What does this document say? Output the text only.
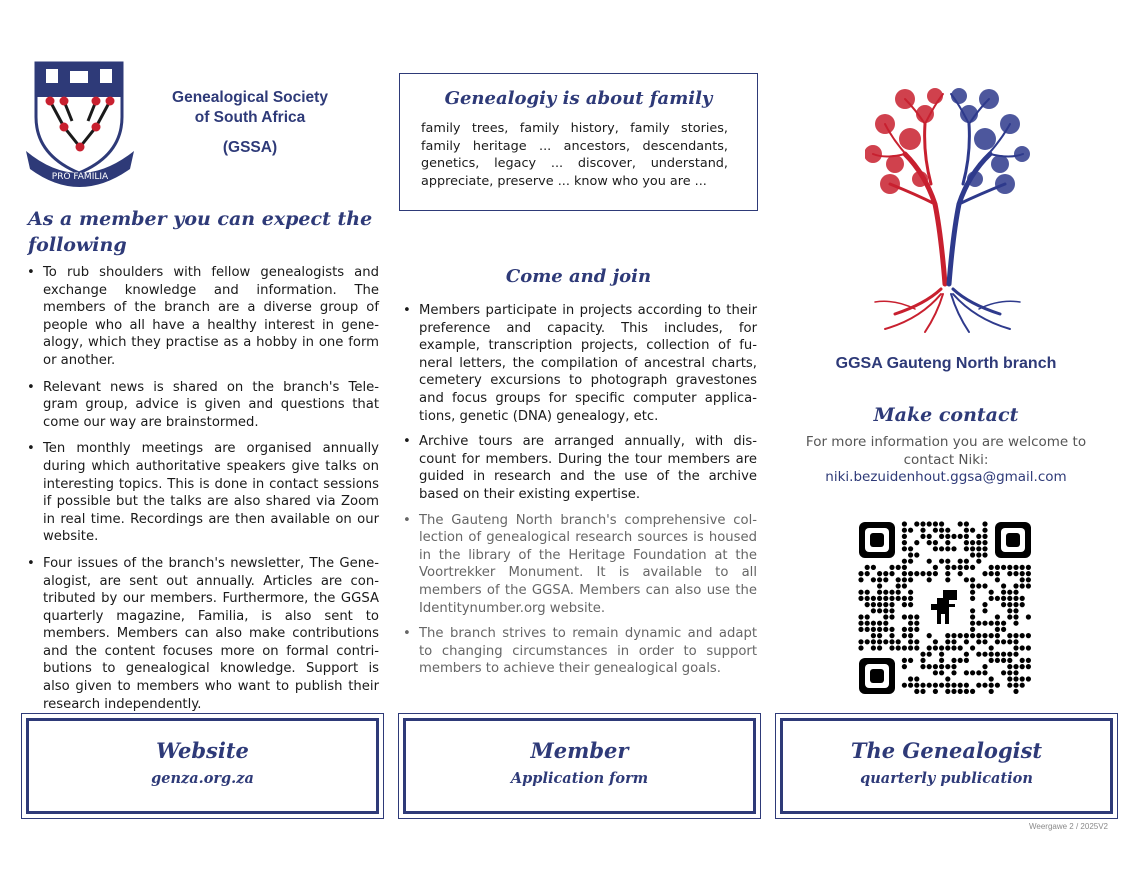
PRO FAMILIA
Genealogical Society
of South Africa
(GSSA)
As a member you can expect the following
• To rub shoulders with fellow genealogists and exchange knowledge and information. The members of the branch are a diverse group of people who all have a healthy interest in gene-alogy, which they practise as a hobby in one form or another.
• Relevant news is shared on the branch's Tele-gram group, advice is given and questions that come our way are brainstormed.
• Ten monthly meetings are organised annually during which authoritative speakers give talks on interesting topics. This is done in contact sessions if possible but the talks are also shared via Zoom in real time. Recordings are then available on our website.
• Four issues of the branch's newsletter, The Gene-alogist, are sent out annually. Articles are con-tributed by our members. Furthermore, the GGSA quarterly magazine, Familia, is also sent to members. Members can also make contributions and the content focuses more on formal contri-butions to genealogical knowledge. Support is also given to members who want to publish their research independently.
Genealogiy is about family
family trees, family history, family stories, family heritage ... ancestors, descendants, genetics, legacy ... discover, understand, appreciate, preserve ... know who you are ...
Come and join
• Members participate in projects according to their preference and capacity. This includes, for example, transcription projects, collection of fu-neral letters, the compilation of ancestral charts, cemetery excursions to photograph gravestones and focus groups for specific computer applica-tions, genetic (DNA) genealogy, etc.
• Archive tours are arranged annually, with dis-count for members. During the tour members are guided in research and the use of the archive based on their existing expertise.
• The Gauteng North branch's comprehensive col-lection of genealogical research sources is housed in the library of the Heritage Foundation at the Voortrekker Monument. It is available to all members of the GGSA. Members can also use the Identitynumber.org website.
• The branch strives to remain dynamic and adapt to changing circumstances in order to support members to achieve their genealogical goals.
GGSA Gauteng North branch
Make contact
For more information you are welcome to contact Niki:
niki.bezuidenhout.ggsa@gmail.com
Website
genza.org.za
Member
Application form
The Genealogist
quarterly publication
Weergawe 2 / 2025V2
